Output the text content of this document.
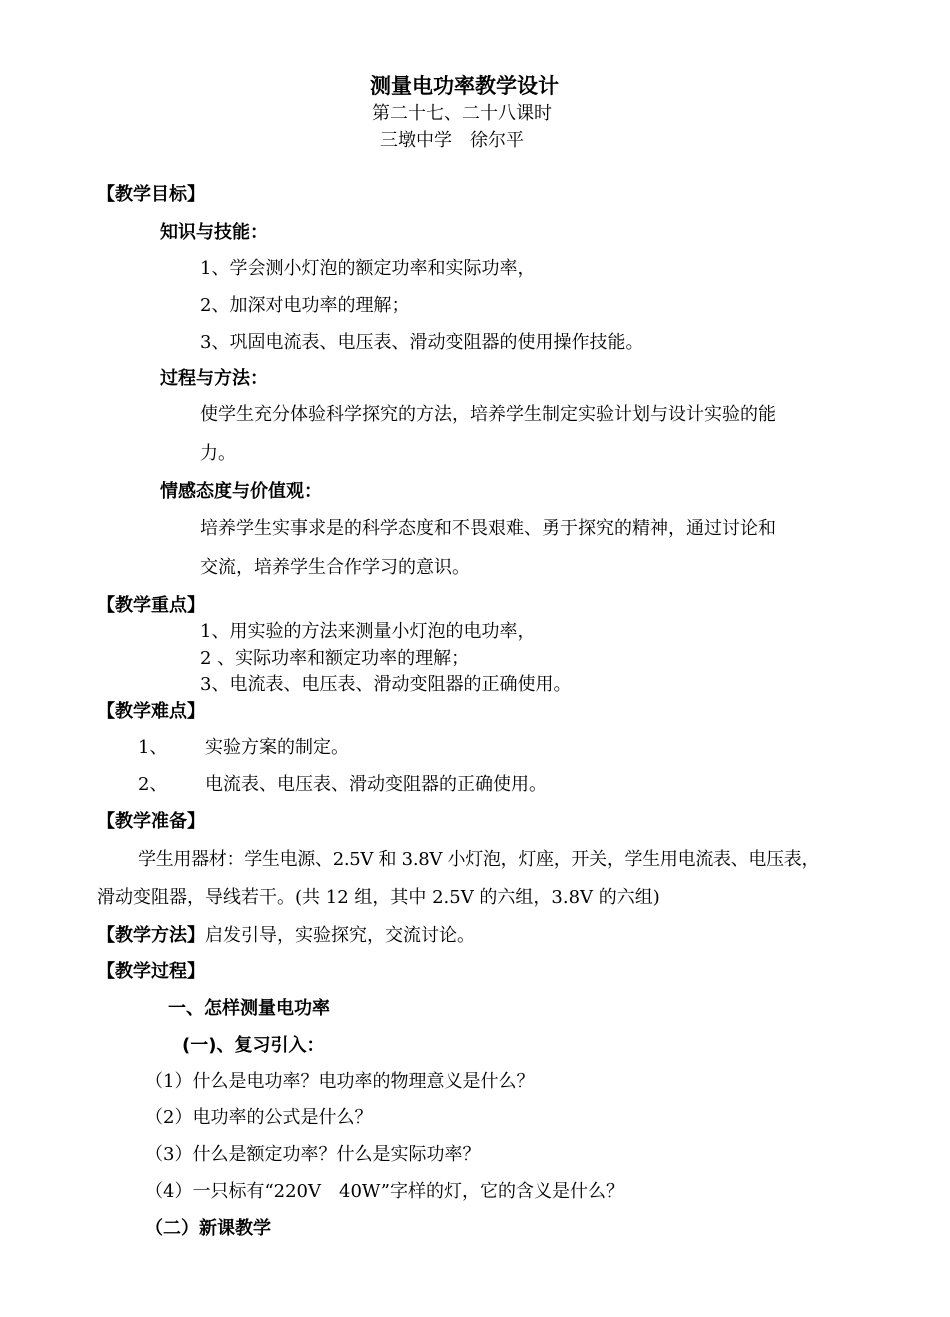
测量电功率教学设计
第二十七、二十八课时
三墩中学　徐尔平
【教学目标】
知识与技能：
1、学会测小灯泡的额定功率和实际功率，
2、加深对电功率的理解；
3、巩固电流表、电压表、滑动变阻器的使用操作技能。
过程与方法：
使学生充分体验科学探究的方法，培养学生制定实验计划与设计实验的能
力。
情感态度与价值观：
培养学生实事求是的科学态度和不畏艰难、勇于探究的精神，通过讨论和
交流，培养学生合作学习的意识。
【教学重点】
1、用实验的方法来测量小灯泡的电功率，
2 、实际功率和额定功率的理解；
3、电流表、电压表、滑动变阻器的正确使用。
【教学难点】
1、 实验方案的制定。
2、 电流表、电压表、滑动变阻器的正确使用。
【教学准备】
学生用器材：学生电源、2.5V 和 3.8V 小灯泡，灯座，开关，学生用电流表、电压表，
滑动变阻器，导线若干。(共 12 组，其中 2.5V 的六组，3.8V 的六组)
【教学方法】启发引导，实验探究，交流讨论。
【教学过程】
一、怎样测量电功率
(一)、复习引入：
（1）什么是电功率？电功率的物理意义是什么？
（2）电功率的公式是什么？
（3）什么是额定功率？什么是实际功率？
（4）一只标有“220V　40W”字样的灯，它的含义是什么？
（二）新课教学
